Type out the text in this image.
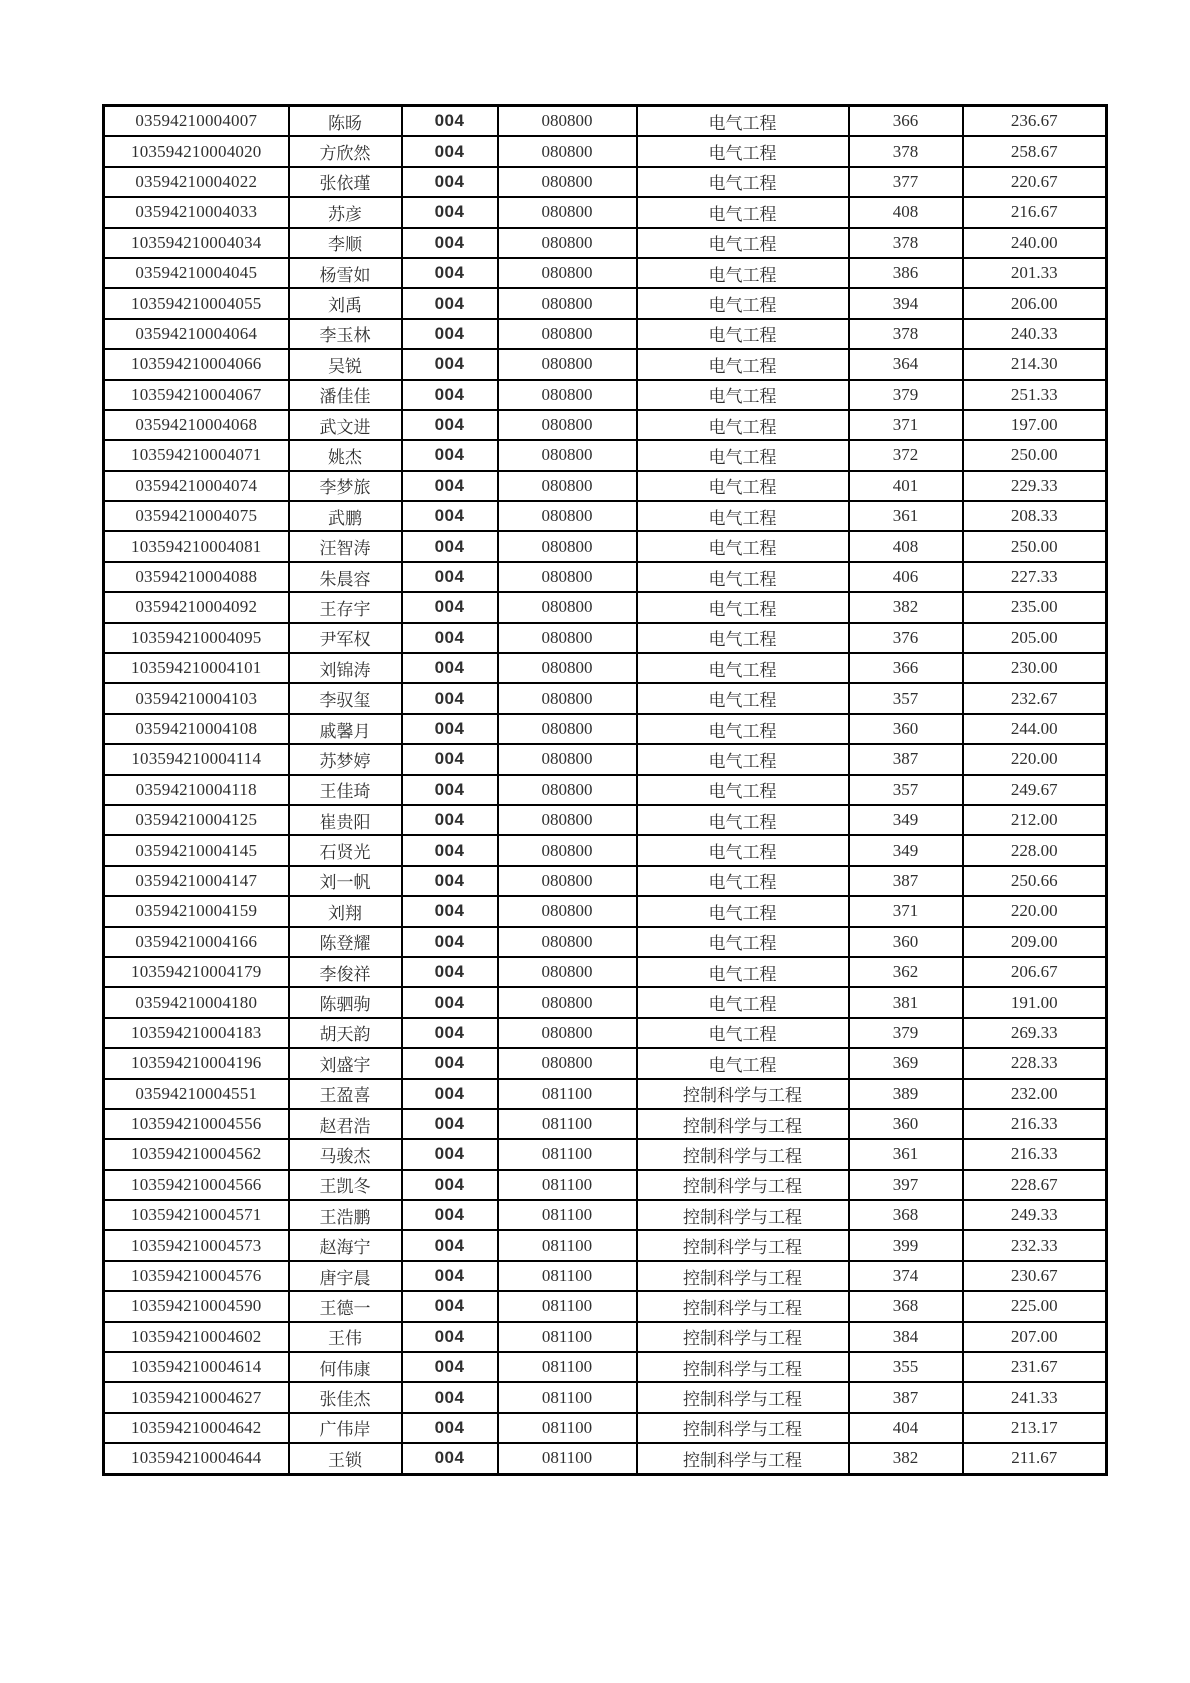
03594210004007	陈旸	004	080800	电气工程	366	236.67
103594210004020	方欣然	004	080800	电气工程	378	258.67
03594210004022	张依瑾	004	080800	电气工程	377	220.67
03594210004033	苏彦	004	080800	电气工程	408	216.67
103594210004034	李顺	004	080800	电气工程	378	240.00
03594210004045	杨雪如	004	080800	电气工程	386	201.33
103594210004055	刘禹	004	080800	电气工程	394	206.00
03594210004064	李玉林	004	080800	电气工程	378	240.33
103594210004066	吴锐	004	080800	电气工程	364	214.30
103594210004067	潘佳佳	004	080800	电气工程	379	251.33
03594210004068	武文进	004	080800	电气工程	371	197.00
103594210004071	姚杰	004	080800	电气工程	372	250.00
03594210004074	李梦旅	004	080800	电气工程	401	229.33
03594210004075	武鹏	004	080800	电气工程	361	208.33
103594210004081	汪智涛	004	080800	电气工程	408	250.00
03594210004088	朱晨容	004	080800	电气工程	406	227.33
03594210004092	王存宇	004	080800	电气工程	382	235.00
103594210004095	尹军权	004	080800	电气工程	376	205.00
103594210004101	刘锦涛	004	080800	电气工程	366	230.00
03594210004103	李驭玺	004	080800	电气工程	357	232.67
03594210004108	戚馨月	004	080800	电气工程	360	244.00
103594210004114	苏梦婷	004	080800	电气工程	387	220.00
03594210004118	王佳琦	004	080800	电气工程	357	249.67
03594210004125	崔贵阳	004	080800	电气工程	349	212.00
03594210004145	石贤光	004	080800	电气工程	349	228.00
03594210004147	刘一帆	004	080800	电气工程	387	250.66
03594210004159	刘翔	004	080800	电气工程	371	220.00
03594210004166	陈登耀	004	080800	电气工程	360	209.00
103594210004179	李俊祥	004	080800	电气工程	362	206.67
03594210004180	陈驷驹	004	080800	电气工程	381	191.00
103594210004183	胡天韵	004	080800	电气工程	379	269.33
103594210004196	刘盛宇	004	080800	电气工程	369	228.33
03594210004551	王盈喜	004	081100	控制科学与工程	389	232.00
103594210004556	赵君浩	004	081100	控制科学与工程	360	216.33
103594210004562	马骏杰	004	081100	控制科学与工程	361	216.33
103594210004566	王凯冬	004	081100	控制科学与工程	397	228.67
103594210004571	王浩鹏	004	081100	控制科学与工程	368	249.33
103594210004573	赵海宁	004	081100	控制科学与工程	399	232.33
103594210004576	唐宇晨	004	081100	控制科学与工程	374	230.67
103594210004590	王德一	004	081100	控制科学与工程	368	225.00
103594210004602	王伟	004	081100	控制科学与工程	384	207.00
103594210004614	何伟康	004	081100	控制科学与工程	355	231.67
103594210004627	张佳杰	004	081100	控制科学与工程	387	241.33
103594210004642	广伟岸	004	081100	控制科学与工程	404	213.17
103594210004644	王锁	004	081100	控制科学与工程	382	211.67
